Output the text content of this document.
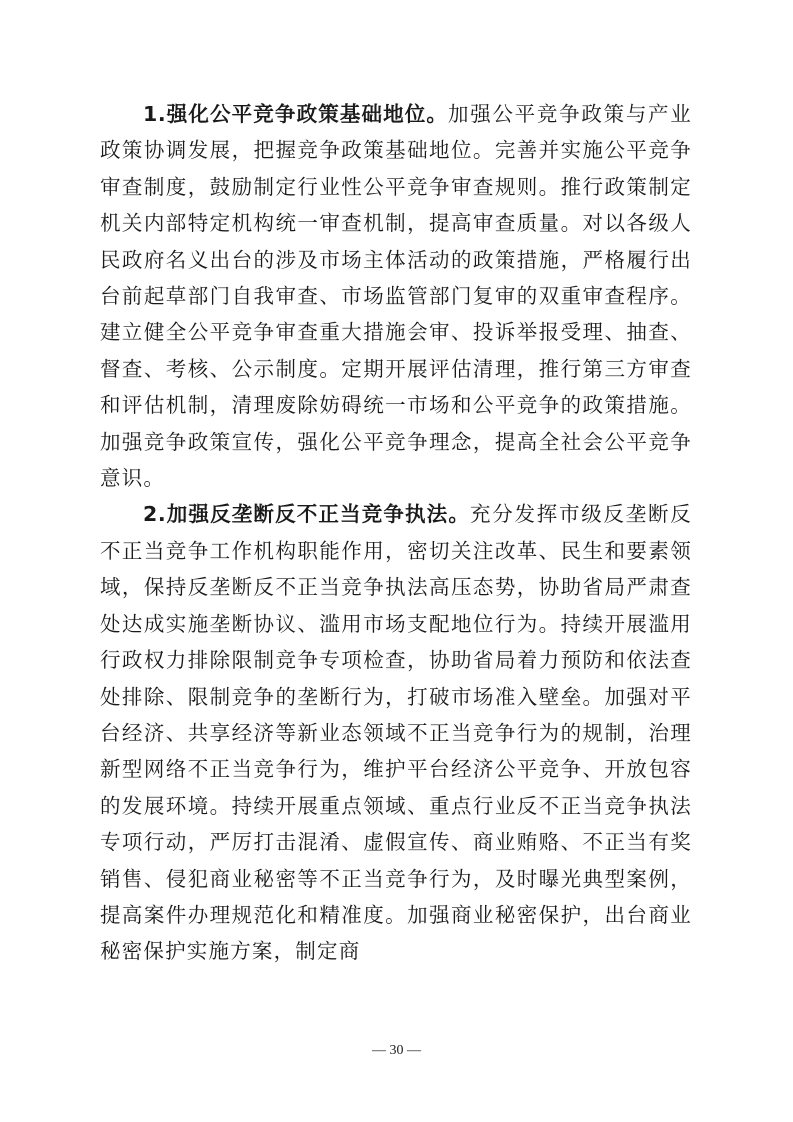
1.强化公平竞争政策基础地位。加强公平竞争政策与产业政策协调发展，把握竞争政策基础地位。完善并实施公平竞争审查制度，鼓励制定行业性公平竞争审查规则。推行政策制定机关内部特定机构统一审查机制，提高审查质量。对以各级人民政府名义出台的涉及市场主体活动的政策措施，严格履行出台前起草部门自我审查、市场监管部门复审的双重审查程序。建立健全公平竞争审查重大措施会审、投诉举报受理、抽查、督查、考核、公示制度。定期开展评估清理，推行第三方审查和评估机制，清理废除妨碍统一市场和公平竞争的政策措施。加强竞争政策宣传，强化公平竞争理念，提高全社会公平竞争意识。

2.加强反垄断反不正当竞争执法。充分发挥市级反垄断反不正当竞争工作机构职能作用，密切关注改革、民生和要素领域，保持反垄断反不正当竞争执法高压态势，协助省局严肃查处达成实施垄断协议、滥用市场支配地位行为。持续开展滥用行政权力排除限制竞争专项检查，协助省局着力预防和依法查处排除、限制竞争的垄断行为，打破市场准入壁垒。加强对平台经济、共享经济等新业态领域不正当竞争行为的规制，治理新型网络不正当竞争行为，维护平台经济公平竞争、开放包容的发展环境。持续开展重点领域、重点行业反不正当竞争执法专项行动，严厉打击混淆、虚假宣传、商业贿赂、不正当有奖销售、侵犯商业秘密等不正当竞争行为，及时曝光典型案例，提高案件办理规范化和精准度。加强商业秘密保护，出台商业秘密保护实施方案，制定商

— 30 —
